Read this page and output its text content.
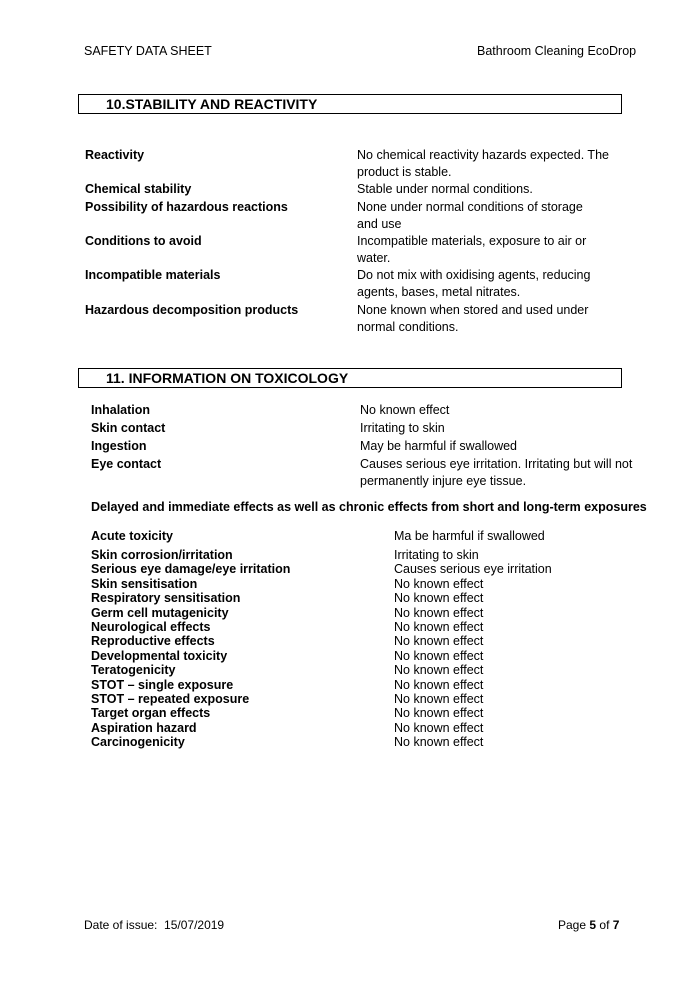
SAFETY DATA SHEET	Bathroom Cleaning EcoDrop
10.STABILITY AND REACTIVITY
Reactivity	No chemical reactivity hazards expected. The product is stable.
Chemical stability	Stable under normal conditions.
Possibility of hazardous reactions	None under normal conditions of storage and use
Conditions to avoid	Incompatible materials, exposure to air or water.
Incompatible materials	Do not mix with oxidising agents, reducing agents, bases, metal nitrates.
Hazardous decomposition products	None known when stored and used under normal conditions.
11. INFORMATION ON TOXICOLOGY
Inhalation	No known effect
Skin contact	Irritating to skin
Ingestion	May be harmful if swallowed
Eye contact	Causes serious eye irritation. Irritating but will not permanently injure eye tissue.
Delayed and immediate effects as well as chronic effects from short and long-term exposures
Acute toxicity	Ma be harmful if swallowed
Skin corrosion/irritation	Irritating to skin
Serious eye damage/eye irritation	Causes serious eye irritation
Skin sensitisation	No known effect
Respiratory sensitisation	No known effect
Germ cell mutagenicity	No known effect
Neurological effects	No known effect
Reproductive effects	No known effect
Developmental toxicity	No known effect
Teratogenicity	No known effect
STOT – single exposure	No known effect
STOT – repeated exposure	No known effect
Target organ effects	No known effect
Aspiration hazard	No known effect
Carcinogenicity	No known effect
Date of issue: 15/07/2019	Page 5 of 7
